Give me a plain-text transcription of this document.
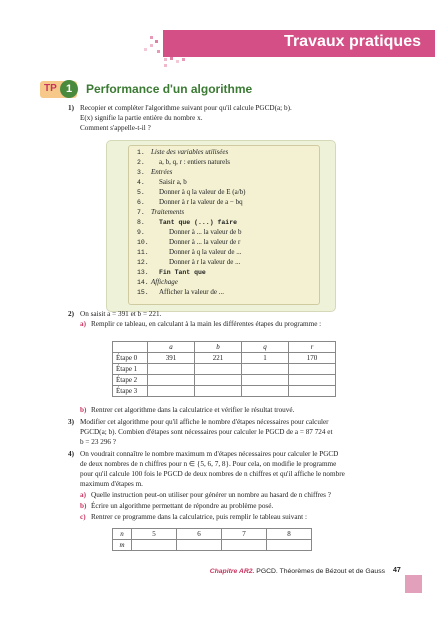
Travaux pratiques
TP 1	Performance d'un algorithme
1) Recopier et compléter l'algorithme suivant pour qu'il calcule PGCD(a; b).
E(x) signifie la partie entière du nombre x.
Comment s'appelle-t-il ?
1. Liste des variables utilisées
2. a, b, q, r : entiers naturels
3. Entrées
4. Saisir a, b
5. Donner à q la valeur de E (a/b)
6. Donner à r la valeur de a − bq
7. Traitements
8. Tant que (...) faire
9.	Donner à ... la valeur de b
10.	Donner à ... la valeur de r
11.	Donner à q la valeur de ...
12.	Donner à r la valeur de ...
13. Fin Tant que
14. Affichage
15. Afficher la valeur de ...
2) On saisit a = 391 et b = 221.
a) Remplir ce tableau, en calculant à la main les différentes étapes du programme :
	a	b	q	r
Étape 0	391	221	1	170
Étape 1				
Étape 2				
Étape 3				
b) Rentrer cet algorithme dans la calculatrice et vérifier le résultat trouvé.
3) Modifier cet algorithme pour qu'il affiche le nombre d'étapes nécessaires pour calculer
PGCD(a; b). Combien d'étapes sont nécessaires pour calculer le PGCD de a = 87 724 et
b = 23 296 ?
4) On voudrait connaître le nombre maximum m d'étapes nécessaires pour calculer le PGCD
de deux nombres de n chiffres pour n ∈ {5, 6, 7, 8}. Pour cela, on modifie le programme
pour qu'il calcule 100 fois le PGCD de deux nombres de n chiffres et qu'il affiche le nombre
maximum d'étapes m.
a) Quelle instruction peut-on utiliser pour générer un nombre au hasard de n chiffres ?
b) Écrire un algorithme permettant de répondre au problème posé.
c) Rentrer ce programme dans la calculatrice, puis remplir le tableau suivant :
n	5	6	7	8
m				
Chapitre AR2. PGCD. Théorèmes de Bézout et de Gauss 47
